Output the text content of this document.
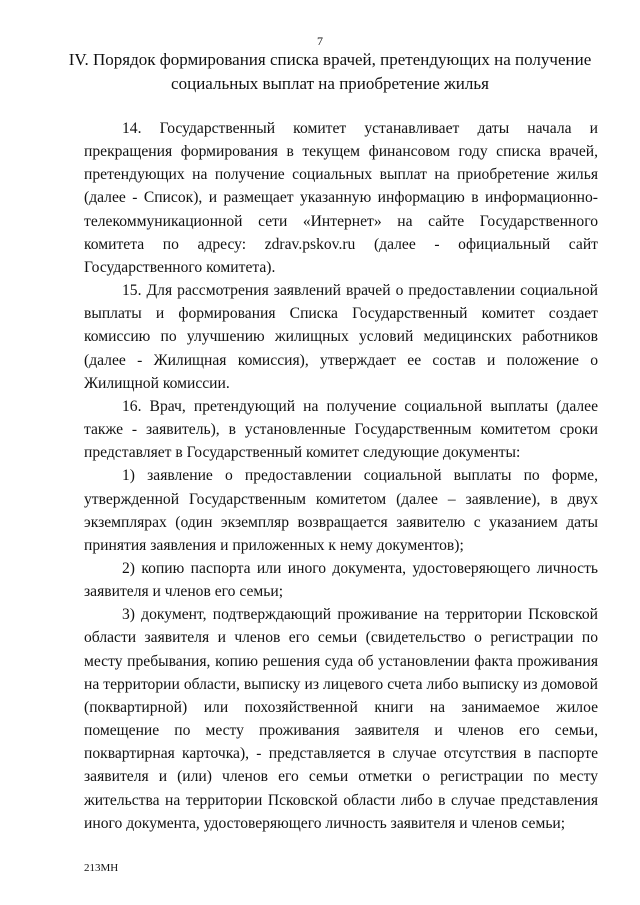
7
IV. Порядок формирования списка врачей, претендующих на получение
социальных выплат на приобретение жилья

14. Государственный комитет устанавливает даты начала и прекращения формирования в текущем финансовом году списка врачей, претендующих на получение социальных выплат на приобретение жилья (далее - Список), и размещает указанную информацию в информационно-телекоммуникационной сети «Интернет» на сайте Государственного комитета по адресу: zdrav.pskov.ru (далее - официальный сайт Государственного комитета).

15. Для рассмотрения заявлений врачей о предоставлении социальной выплаты и формирования Списка Государственный комитет создает комиссию по улучшению жилищных условий медицинских работников (далее - Жилищная комиссия), утверждает ее состав и положение о Жилищной комиссии.

16. Врач, претендующий на получение социальной выплаты (далее также - заявитель), в установленные Государственным комитетом сроки представляет в Государственный комитет следующие документы:

1) заявление о предоставлении социальной выплаты по форме, утвержденной Государственным комитетом (далее – заявление), в двух экземплярах (один экземпляр возвращается заявителю с указанием даты принятия заявления и приложенных к нему документов);

2) копию паспорта или иного документа, удостоверяющего личность заявителя и членов его семьи;

3) документ, подтверждающий проживание на территории Псковской области заявителя и членов его семьи (свидетельство о регистрации по месту пребывания, копию решения суда об установлении факта проживания на территории области, выписку из лицевого счета либо выписку из домовой (поквартирной) или похозяйственной книги на занимаемое жилое помещение по месту проживания заявителя и членов его семьи, поквартирная карточка), - представляется в случае отсутствия в паспорте заявителя и (или) членов его семьи отметки о регистрации по месту жительства на территории Псковской области либо в случае представления иного документа, удостоверяющего личность заявителя и членов семьи;

213МН
